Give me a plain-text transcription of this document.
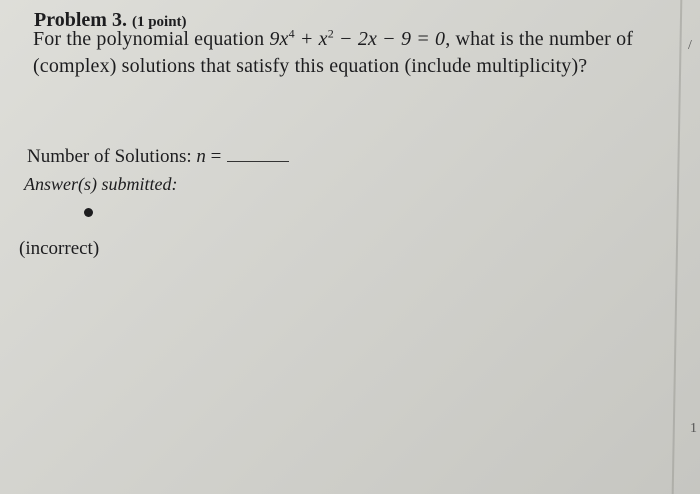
/
1
Problem 3. (1 point)
For the polynomial equation $9x^4 + x^2 - 2x - 9 = 0$, what is the number of (complex) solutions that satisfy this equation (include multiplicity)?
Number of Solutions: n =
Answer(s) submitted:
(incorrect)
